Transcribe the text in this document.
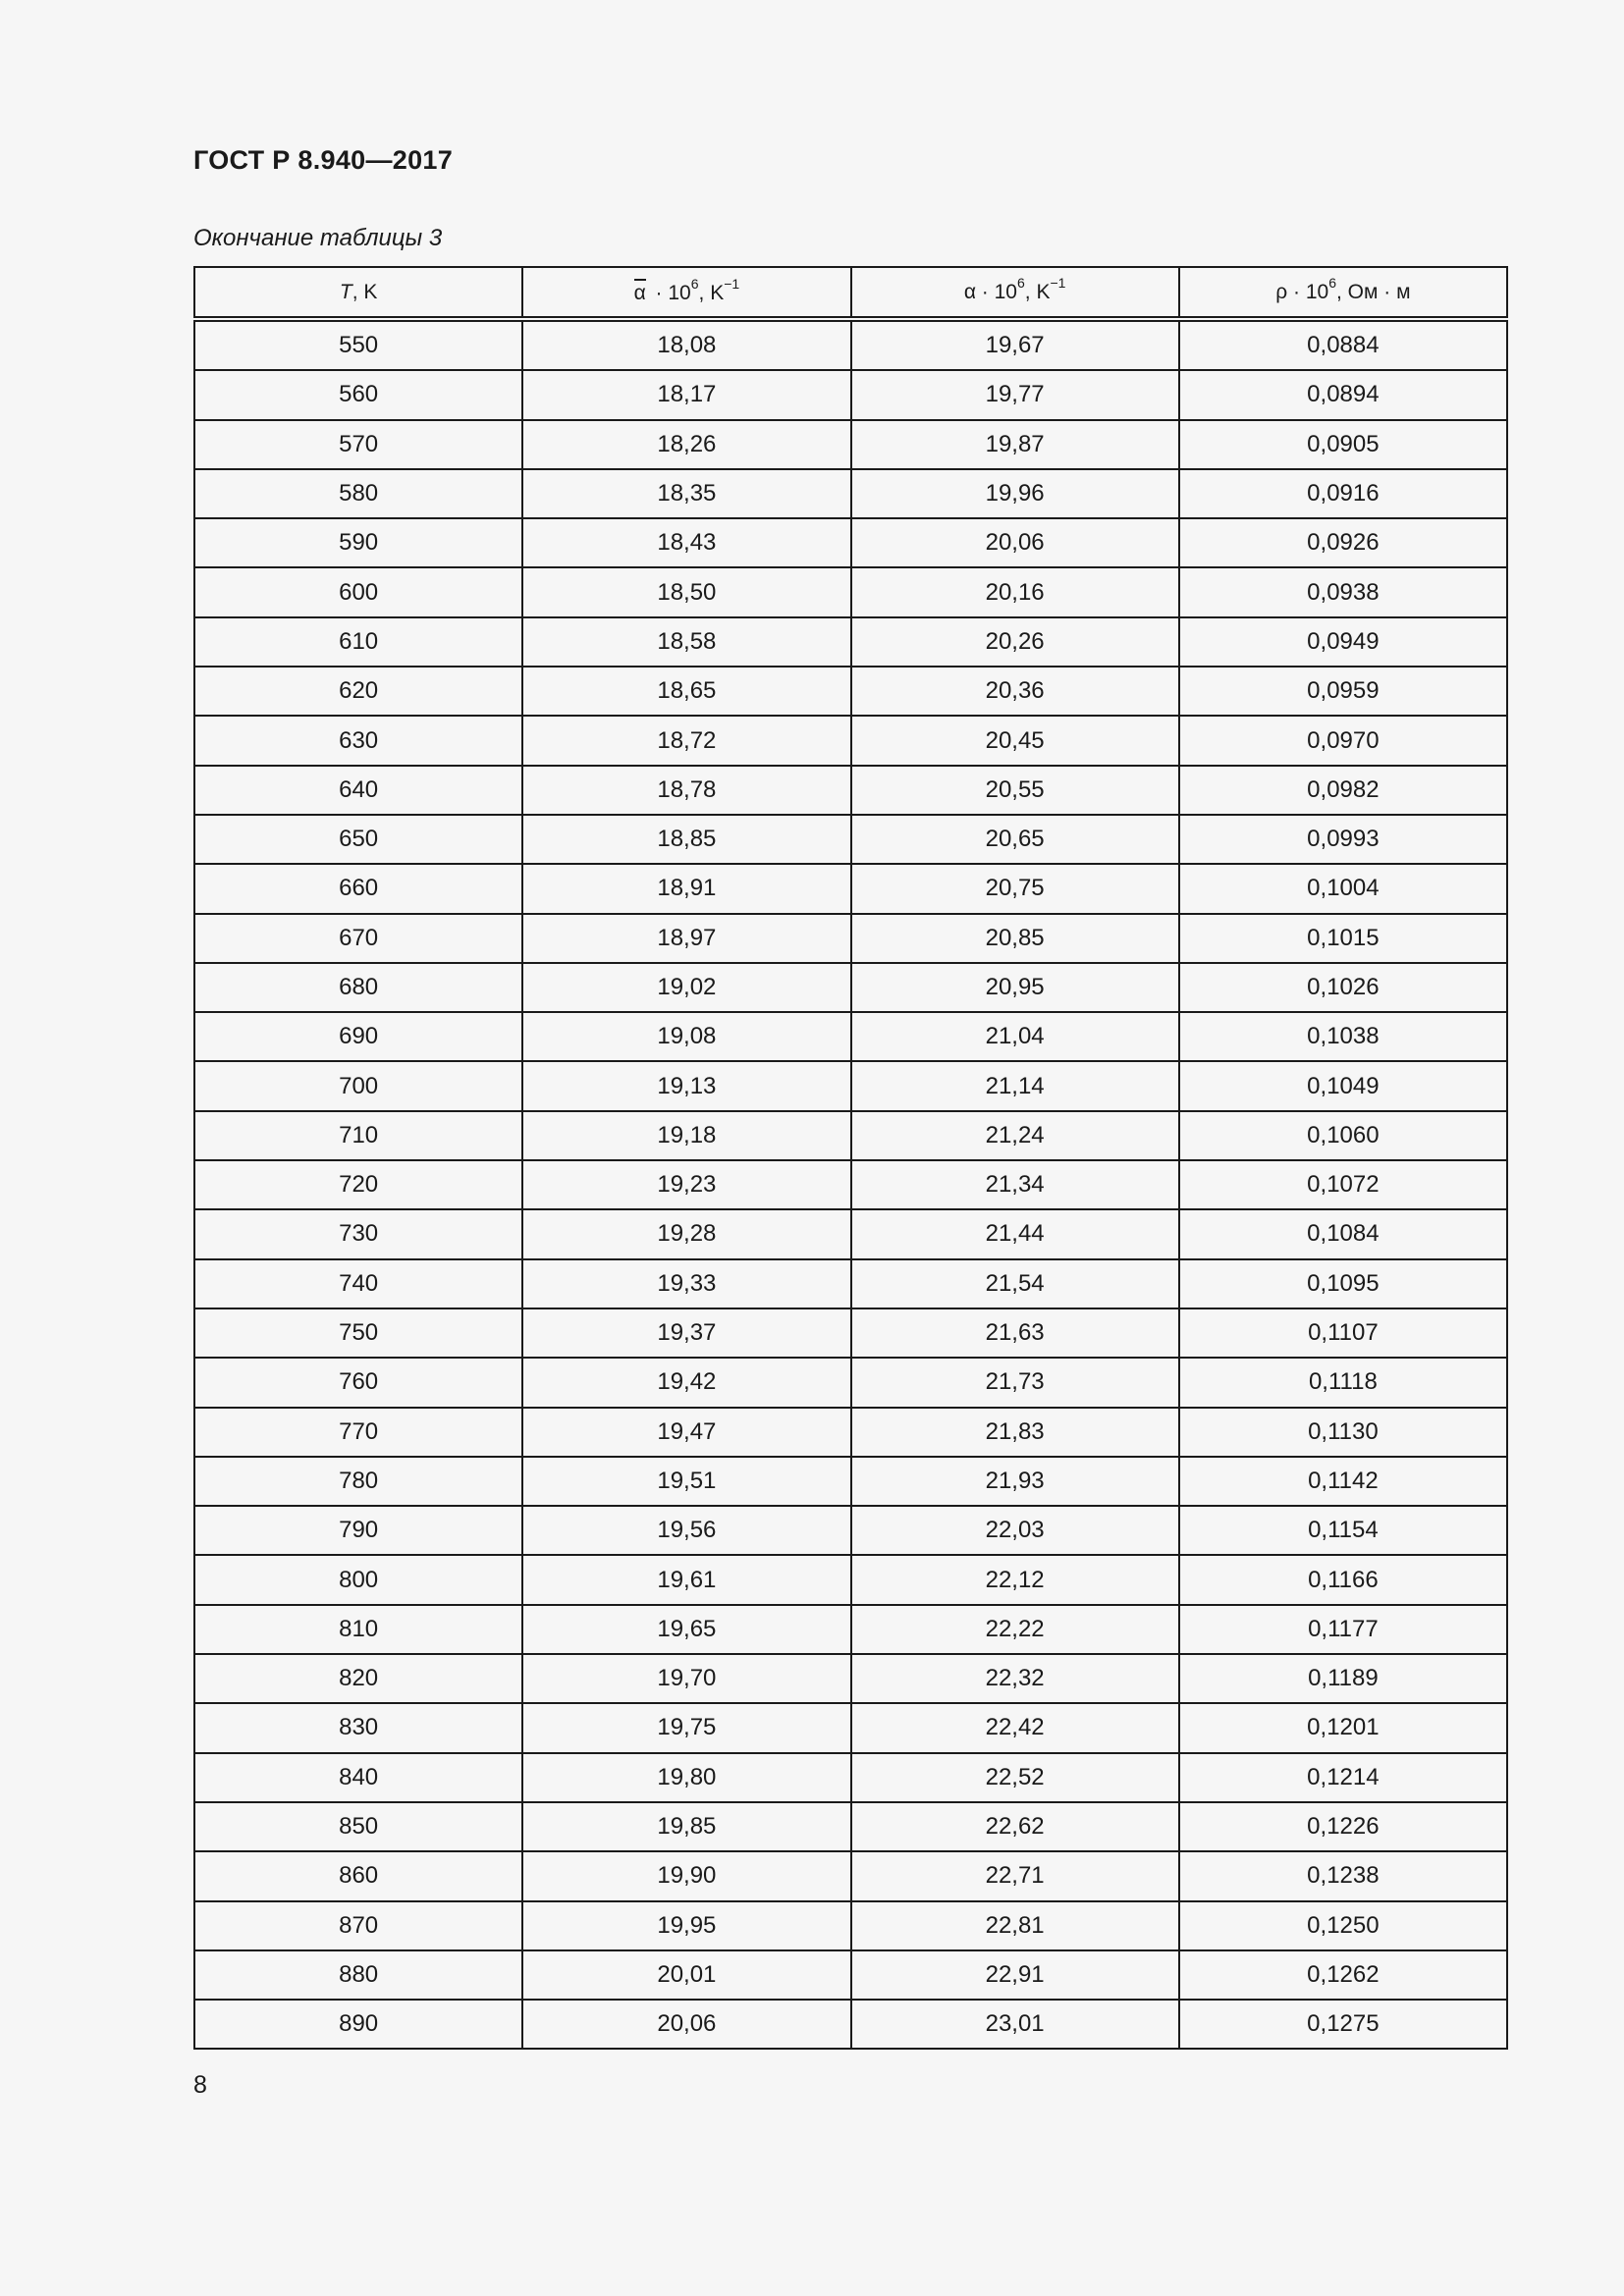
ГОСТ Р 8.940—2017
Окончание таблицы 3
T, K	$\alpha \cdot 10^6$, $K^{-1}$	$\alpha \cdot 10^6$, $K^{-1}$	$\rho \cdot 10^6$, Ом · м
550	18,08	19,67	0,0884
560	18,17	19,77	0,0894
570	18,26	19,87	0,0905
580	18,35	19,96	0,0916
590	18,43	20,06	0,0926
600	18,50	20,16	0,0938
610	18,58	20,26	0,0949
620	18,65	20,36	0,0959
630	18,72	20,45	0,0970
640	18,78	20,55	0,0982
650	18,85	20,65	0,0993
660	18,91	20,75	0,1004
670	18,97	20,85	0,1015
680	19,02	20,95	0,1026
690	19,08	21,04	0,1038
700	19,13	21,14	0,1049
710	19,18	21,24	0,1060
720	19,23	21,34	0,1072
730	19,28	21,44	0,1084
740	19,33	21,54	0,1095
750	19,37	21,63	0,1107
760	19,42	21,73	0,1118
770	19,47	21,83	0,1130
780	19,51	21,93	0,1142
790	19,56	22,03	0,1154
800	19,61	22,12	0,1166
810	19,65	22,22	0,1177
820	19,70	22,32	0,1189
830	19,75	22,42	0,1201
840	19,80	22,52	0,1214
850	19,85	22,62	0,1226
860	19,90	22,71	0,1238
870	19,95	22,81	0,1250
880	20,01	22,91	0,1262
890	20,06	23,01	0,1275
8
